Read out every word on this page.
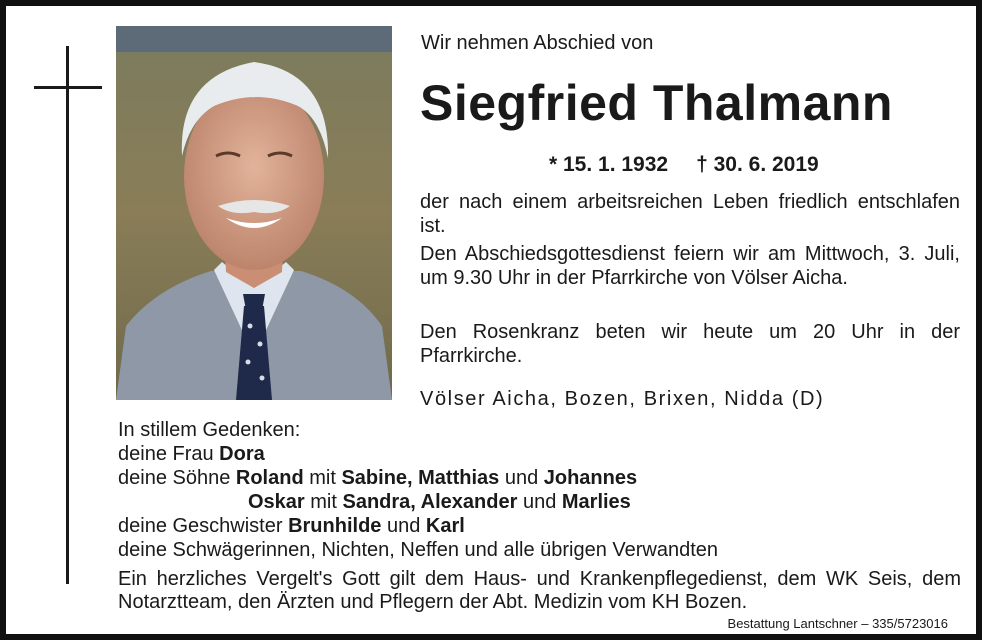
Wir nehmen Abschied von
Siegfried Thalmann
* 15. 1. 1932 † 30. 6. 2019
der nach einem arbeitsreichen Leben friedlich entschlafen ist.
Den Abschiedsgottesdienst feiern wir am Mittwoch, 3. Juli, um 9.30 Uhr in der Pfarrkirche von Völser Aicha.
Den Rosenkranz beten wir heute um 20 Uhr in der Pfarrkirche.
Völser Aicha, Bozen, Brixen, Nidda (D)
In stillem Gedenken:
deine Frau Dora
deine Söhne Roland mit Sabine, Matthias und Johannes
Oskar mit Sandra, Alexander und Marlies
deine Geschwister Brunhilde und Karl
deine Schwägerinnen, Nichten, Neffen und alle übrigen Verwandten
Ein herzliches Vergelt's Gott gilt dem Haus- und Krankenpflegedienst, dem WK Seis, dem Notarztteam, den Ärzten und Pflegern der Abt. Medizin vom KH Bozen.
Bestattung Lantschner – 335/5723016
